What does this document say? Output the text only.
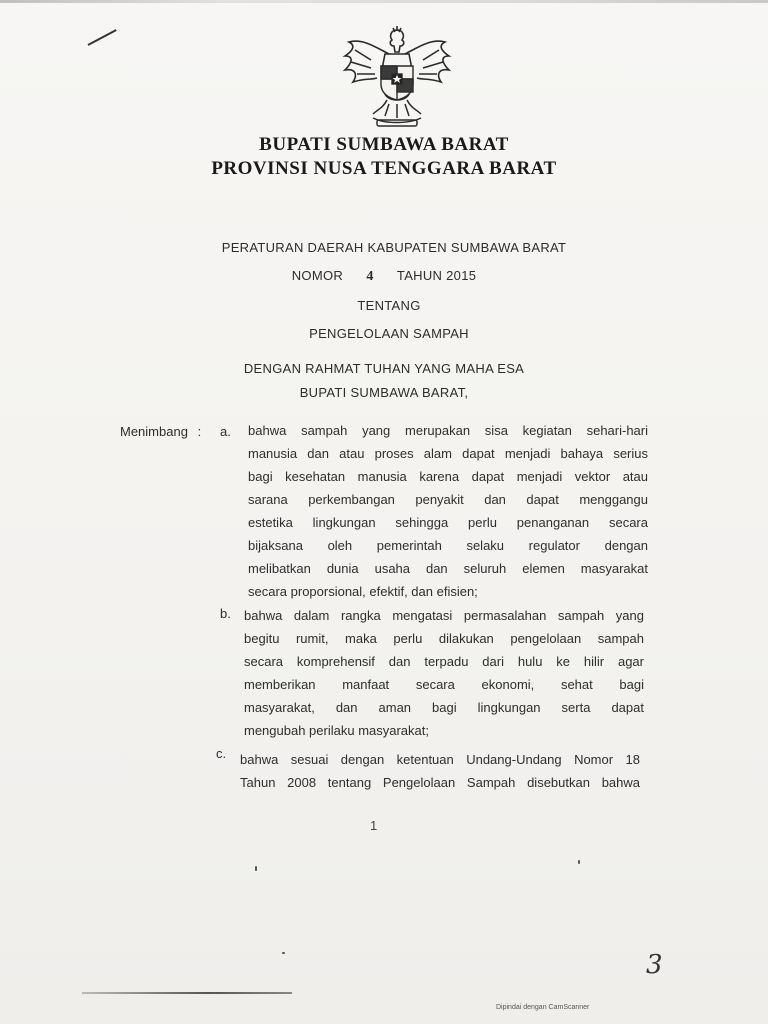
BUPATI SUMBAWA BARAT
PROVINSI NUSA TENGGARA BARAT
PERATURAN DAERAH KABUPATEN SUMBAWA BARAT
NOMOR 4 TAHUN 2015
TENTANG
PENGELOLAAN SAMPAH
DENGAN RAHMAT TUHAN YANG MAHA ESA
BUPATI SUMBAWA BARAT,
Menimbang : a. bahwa sampah yang merupakan sisa kegiatan sehari-hari
manusia dan atau proses alam dapat menjadi bahaya serius
bagi kesehatan manusia karena dapat menjadi vektor atau
sarana perkembangan penyakit dan dapat menggangu
estetika lingkungan sehingga perlu penanganan secara
bijaksana oleh pemerintah selaku regulator dengan
melibatkan dunia usaha dan seluruh elemen masyarakat
secara proporsional, efektif, dan efisien;
b. bahwa dalam rangka mengatasi permasalahan sampah yang
begitu rumit, maka perlu dilakukan pengelolaan sampah
secara komprehensif dan terpadu dari hulu ke hilir agar
memberikan manfaat secara ekonomi, sehat bagi
masyarakat, dan aman bagi lingkungan serta dapat
mengubah perilaku masyarakat;
c. bahwa sesuai dengan ketentuan Undang-Undang Nomor 18
Tahun 2008 tentang Pengelolaan Sampah disebutkan bahwa
1
3
Dipindai dengan CamScanner
